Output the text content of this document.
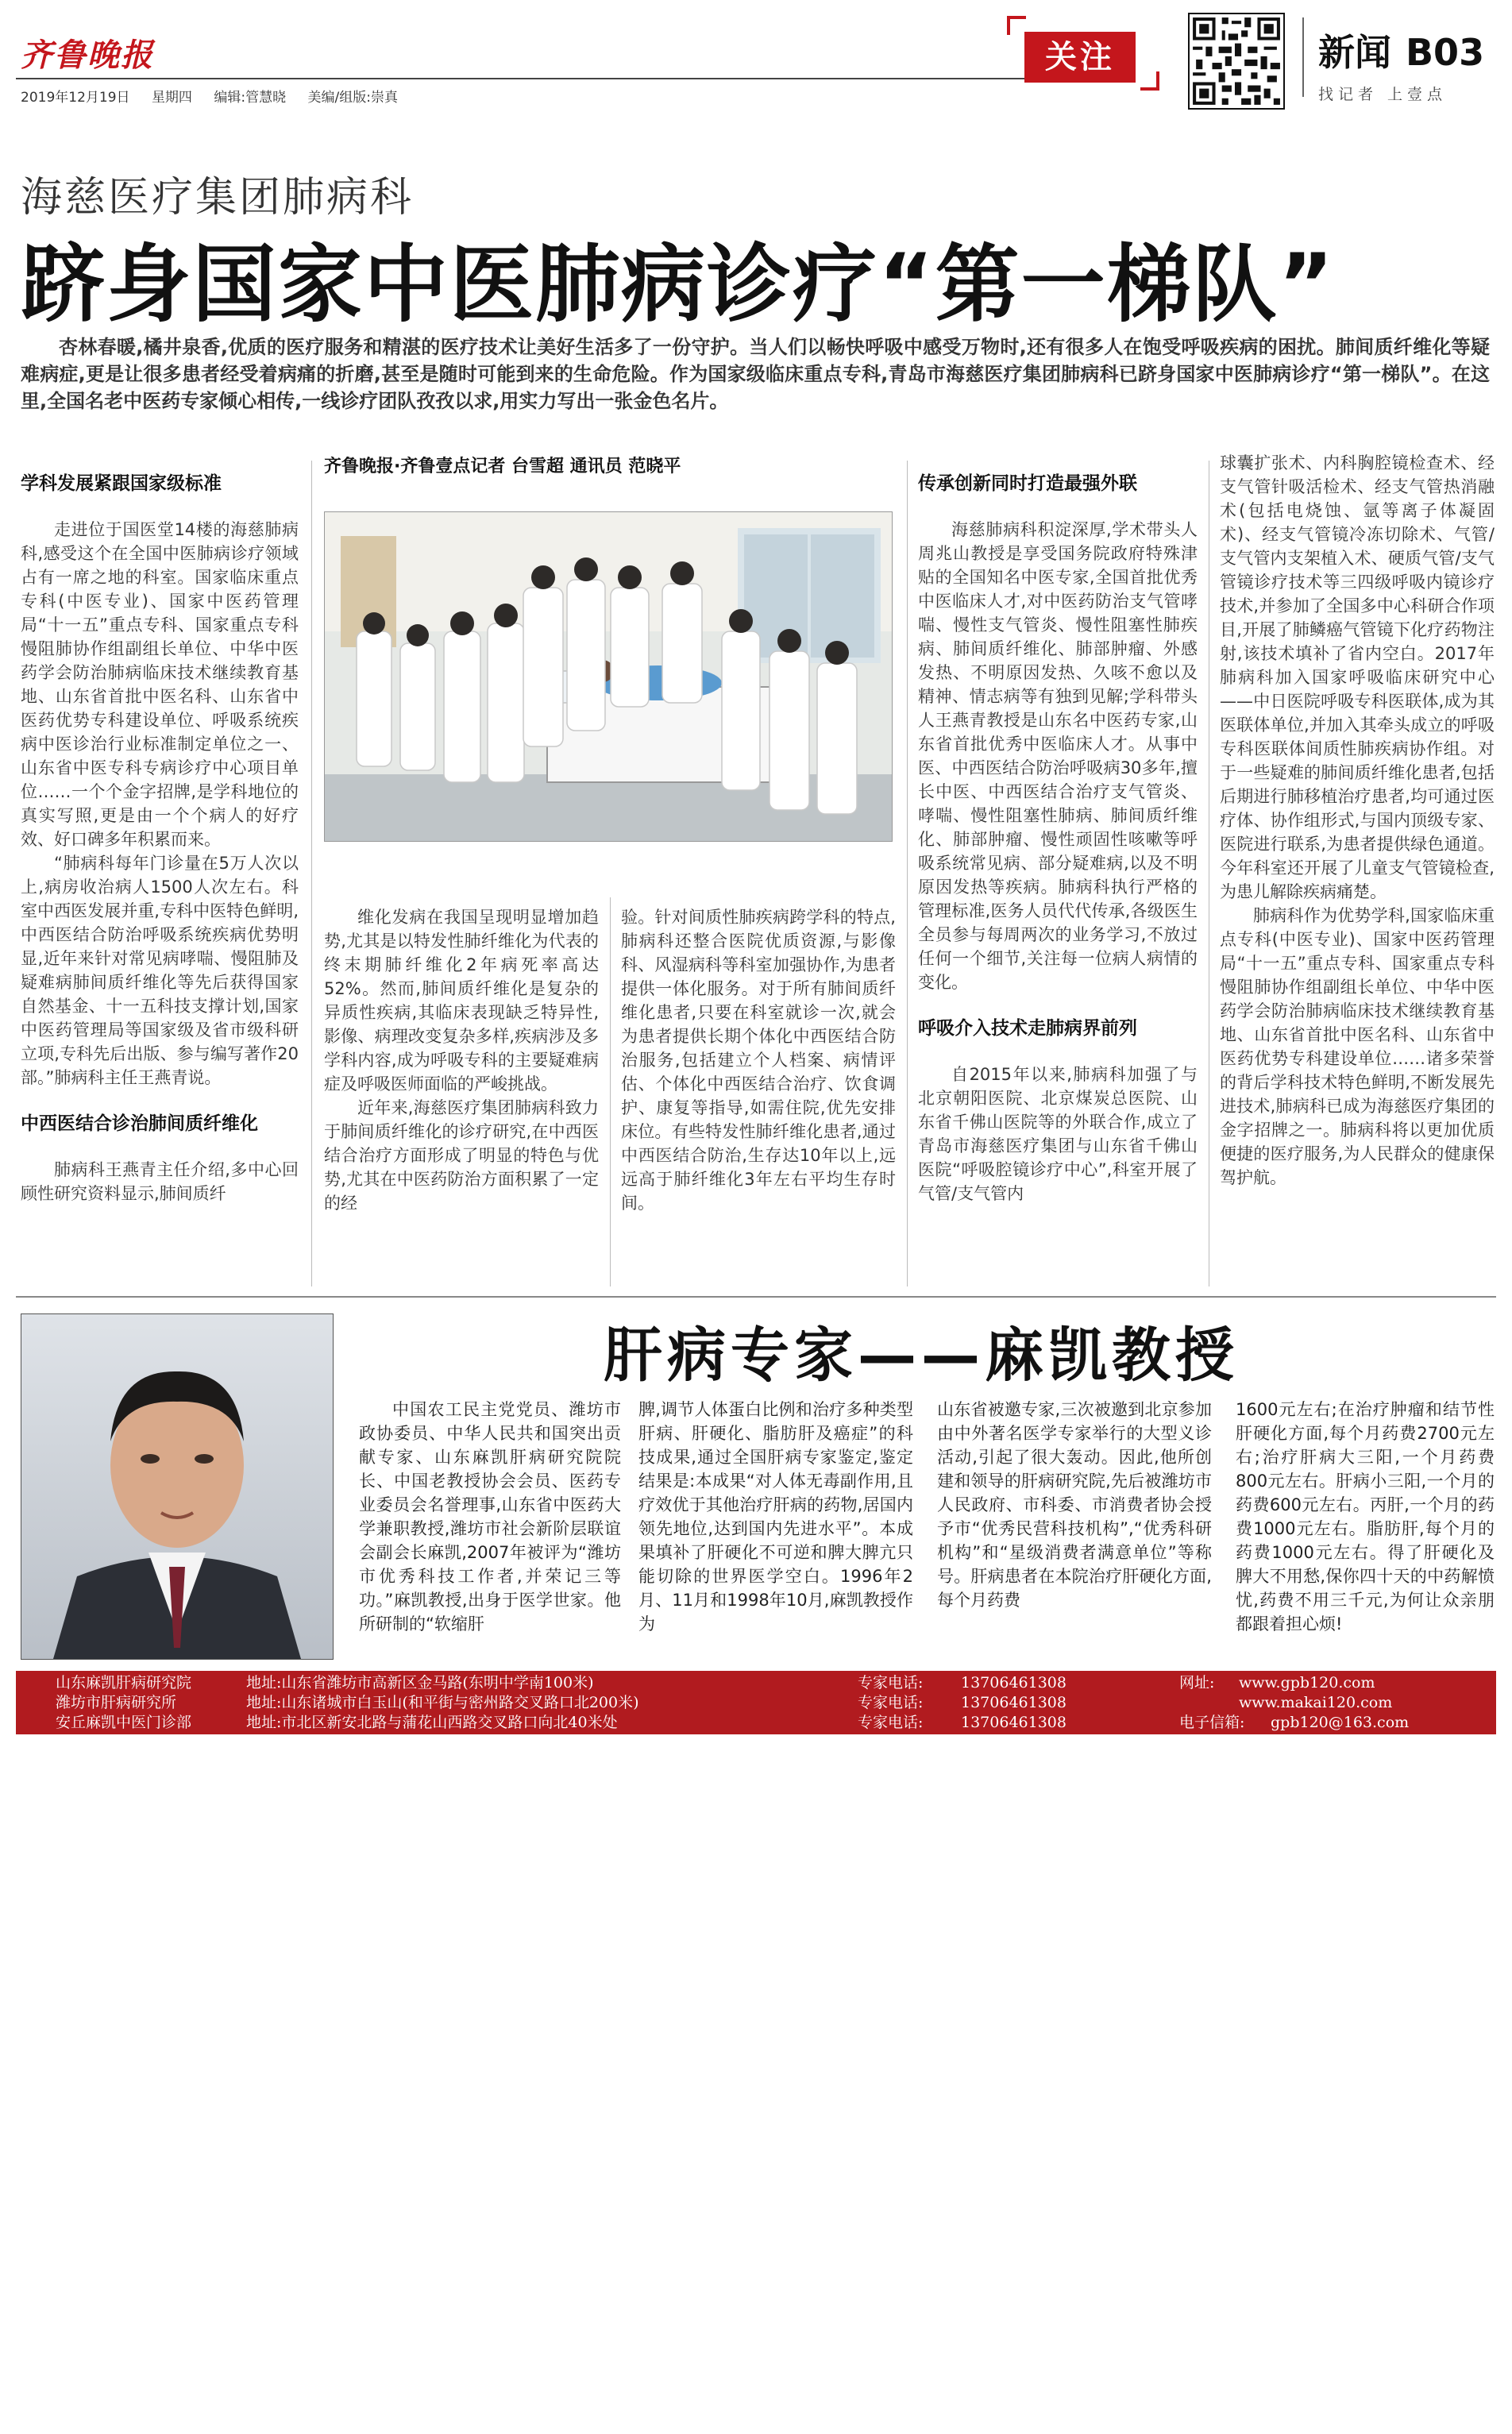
齐鲁晚报
2019年12月19日 星期四 编辑:管慧晓 美编/组版:崇真
关注	新闻 B03
找记者 上壹点
海慈医疗集团肺病科
跻身国家中医肺病诊疗“第一梯队”
杏林春暖,橘井泉香,优质的医疗服务和精湛的医疗技术让美好生活多了一份守护。当人们以畅快呼吸中感受万物时,还有很多人在饱受呼吸疾病的困扰。肺间质纤维化等疑难病症,更是让很多患者经受着病痛的折磨,甚至是随时可能到来的生命危险。作为国家级临床重点专科,青岛市海慈医疗集团肺病科已跻身国家中医肺病诊疗“第一梯队”。在这里,全国名老中医药专家倾心相传,一线诊疗团队孜孜以求,用实力写出一张金色名片。
学科发展紧跟国家级标准

走进位于国医堂14楼的海慈肺病科,感受这个在全国中医肺病诊疗领域占有一席之地的科室。国家临床重点专科(中医专业)、国家中医药管理局“十一五”重点专科、国家重点专科慢阻肺协作组副组长单位、中华中医药学会防治肺病临床技术继续教育基地、山东省首批中医名科、山东省中医药优势专科建设单位、呼吸系统疾病中医诊治行业标准制定单位之一、山东省中医专科专病诊疗中心项目单位……一个个金字招牌,是学科地位的真实写照,更是由一个个病人的好疗效、好口碑多年积累而来。

“肺病科每年门诊量在5万人次以上,病房收治病人1500人次左右。科室中西医发展并重,专科中医特色鲜明,中西医结合防治呼吸系统疾病优势明显,近年来针对常见病哮喘、慢阻肺及疑难病肺间质纤维化等先后获得国家自然基金、十一五科技支撑计划,国家中医药管理局等国家级及省市级科研立项,专科先后出版、参与编写著作20部。”肺病科主任王燕青说。

中西医结合诊治肺间质纤维化

肺病科王燕青主任介绍,多中心回顾性研究资料显示,肺间质纤

齐鲁晚报·齐鲁壹点记者 台雪超 通讯员 范晓平

维化发病在我国呈现明显增加趋势,尤其是以特发性肺纤维化为代表的终末期肺纤维化2年病死率高达52%。然而,肺间质纤维化是复杂的异质性疾病,其临床表现缺乏特异性,影像、病理改变复杂多样,疾病涉及多学科内容,成为呼吸专科的主要疑难病症及呼吸医师面临的严峻挑战。

近年来,海慈医疗集团肺病科致力于肺间质纤维化的诊疗研究,在中西医结合治疗方面形成了明显的特色与优势,尤其在中医药防治方面积累了一定的经

验。针对间质性肺疾病跨学科的特点,肺病科还整合医院优质资源,与影像科、风湿病科等科室加强协作,为患者提供一体化服务。对于所有肺间质纤维化患者,只要在科室就诊一次,就会为患者提供长期个体化中西医结合防治服务,包括建立个人档案、病情评估、个体化中西医结合治疗、饮食调护、康复等指导,如需住院,优先安排床位。有些特发性肺纤维化患者,通过中西医结合防治,生存达10年以上,远远高于肺纤维化3年左右平均生存时间。

传承创新同时打造最强外联

海慈肺病科积淀深厚,学术带头人周兆山教授是享受国务院政府特殊津贴的全国知名中医专家,全国首批优秀中医临床人才,对中医药防治支气管哮喘、慢性支气管炎、慢性阻塞性肺疾病、肺间质纤维化、肺部肿瘤、外感发热、不明原因发热、久咳不愈以及精神、情志病等有独到见解;学科带头人王燕青教授是山东名中医药专家,山东省首批优秀中医临床人才。从事中医、中西医结合防治呼吸病30多年,擅长中医、中西医结合治疗支气管炎、哮喘、慢性阻塞性肺病、肺间质纤维化、肺部肿瘤、慢性顽固性咳嗽等呼吸系统常见病、部分疑难病,以及不明原因发热等疾病。肺病科执行严格的管理标准,医务人员代代传承,各级医生全员参与每周两次的业务学习,不放过任何一个细节,关注每一位病人病情的变化。

呼吸介入技术走肺病界前列

自2015年以来,肺病科加强了与北京朝阳医院、北京煤炭总医院、山东省千佛山医院等的外联合作,成立了青岛市海慈医疗集团与山东省千佛山医院“呼吸腔镜诊疗中心”,科室开展了气管/支气管内

球囊扩张术、内科胸腔镜检查术、经支气管针吸活检术、经支气管热消融术(包括电烧蚀、氩等离子体凝固术)、经支气管镜冷冻切除术、气管/支气管内支架植入术、硬质气管/支气管镜诊疗技术等三四级呼吸内镜诊疗技术,并参加了全国多中心科研合作项目,开展了肺鳞癌气管镜下化疗药物注射,该技术填补了省内空白。2017年肺病科加入国家呼吸临床研究中心——中日医院呼吸专科医联体,成为其医联体单位,并加入其牵头成立的呼吸专科医联体间质性肺疾病协作组。对于一些疑难的肺间质纤维化患者,包括后期进行肺移植治疗患者,均可通过医疗体、协作组形式,与国内顶级专家、医院进行联系,为患者提供绿色通道。今年科室还开展了儿童支气管镜检查,为患儿解除疾病痛楚。

肺病科作为优势学科,国家临床重点专科(中医专业)、国家中医药管理局“十一五”重点专科、国家重点专科慢阻肺协作组副组长单位、中华中医药学会防治肺病临床技术继续教育基地、山东省首批中医名科、山东省中医药优势专科建设单位……诸多荣誉的背后学科技术特色鲜明,不断发展先进技术,肺病科已成为海慈医疗集团的金字招牌之一。肺病科将以更加优质便捷的医疗服务,为人民群众的健康保驾护航。

肝病专家——麻凯教授

中国农工民主党党员、潍坊市政协委员、中华人民共和国突出贡献专家、山东麻凯肝病研究院院长、中国老教授协会会员、医药专业委员会名誉理事,山东省中医药大学兼职教授,潍坊市社会新阶层联谊会副会长麻凯,2007年被评为“潍坊市优秀科技工作者,并荣记三等功。”麻凯教授,出身于医学世家。他所研制的“软缩肝

脾,调节人体蛋白比例和治疗多种类型肝病、肝硬化、脂肪肝及癌症”的科技成果,通过全国肝病专家鉴定,鉴定结果是:本成果“对人体无毒副作用,且疗效优于其他治疗肝病的药物,居国内领先地位,达到国内先进水平”。本成果填补了肝硬化不可逆和脾大脾亢只能切除的世界医学空白。1996年2月、11月和1998年10月,麻凯教授作为

山东省被邀专家,三次被邀到北京参加由中外著名医学专家举行的大型义诊活动,引起了很大轰动。因此,他所创建和领导的肝病研究院,先后被潍坊市人民政府、市科委、市消费者协会授予市“优秀民营科技机构”,“优秀科研机构”和“星级消费者满意单位”等称号。肝病患者在本院治疗肝硬化方面,每个月药费

1600元左右;在治疗肿瘤和结节性肝硬化方面,每个月药费2700元左右;治疗肝病大三阳,一个月药费800元左右。肝病小三阳,一个月的药费600元左右。丙肝,一个月的药费1000元左右。脂肪肝,每个月的药费1000元左右。得了肝硬化及脾大不用愁,保你四十天的中药解愤忧,药费不用三千元,为何让众亲朋都跟着担心烦!

山东麻凯肝病研究院	地址:山东省潍坊市高新区金马路(东明中学南100米)	专家电话:	13706461308	网址: www.gpb120.com
潍坊市肝病研究所	地址:山东诸城市白玉山(和平街与密州路交叉路口北200米)	专家电话:	13706461308	www.makai120.com
安丘麻凯中医门诊部	地址:市北区新安北路与蒲花山西路交叉路口向北40米处	专家电话:	13706461308	电子信箱: gpb120@163.com
